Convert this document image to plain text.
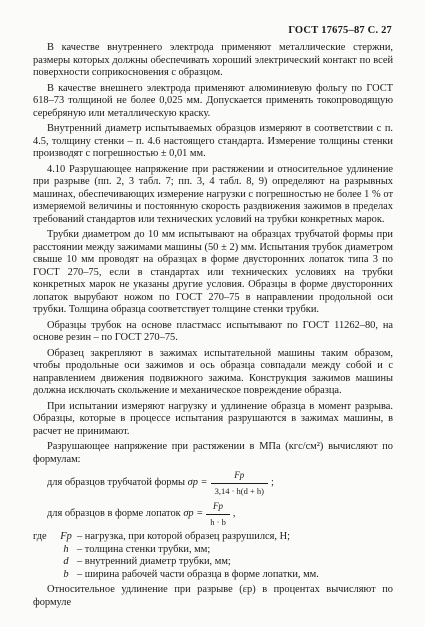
ГОСТ 17675–87 С. 27

В качестве внутреннего электрода применяют металлические стержни, размеры которых должны обеспечивать хороший электрический контакт по всей поверхности соприкосновения с образцом.

В качестве внешнего электрода применяют алюминиевую фольгу по ГОСТ 618–73 толщиной не более 0,025 мм. Допускается применять токопроводящую серебряную или металлическую краску.

Внутренний диаметр испытываемых образцов измеряют в соответствии с п. 4.5, толщину стенки – п. 4.6 настоящего стандарта. Измерение толщины стенки производят с погрешностью ± 0,01 мм.

4.10 Разрушающее напряжение при растяжении и относительное удлинение при разрыве (пп. 2, 3 табл. 7; пп. 3, 4 табл. 8, 9) определяют на разрывных машинах, обеспечивающих измерение нагрузки с погрешностью не более 1 % от измеряемой величины и постоянную скорость раздвижения зажимов в пределах требований стандартов или технических условий на трубки конкретных марок.

Трубки диаметром до 10 мм испытывают на образцах трубчатой формы при расстоянии между зажимами машины (50 ± 2) мм. Испытания трубок диаметром свыше 10 мм проводят на образцах в форме двусторонних лопаток типа 3 по ГОСТ 270–75, если в стандартах или технических условиях на трубки конкретных марок не указаны другие условия. Образцы в форме двусторонних лопаток вырубают ножом по ГОСТ 270–75 в направлении продольной оси трубки. Толщина образца соответствует толщине стенки трубки.

Образцы трубок на основе пластмасс испытывают по ГОСТ 11262–80, на основе резин – по ГОСТ 270–75.

Образец закрепляют в зажимах испытательной машины таким образом, чтобы продольные оси зажимов и ось образца совпадали между собой и с направлением движения подвижного зажима. Конструкция зажимов машины должна исключать скольжение и механическое повреждение образца.

При испытании измеряют нагрузку и удлинение образца в момент разрыва. Образцы, которые в процессе испытания разрушаются в зажимах машины, в расчет не принимают.

Разрушающее напряжение при растяжении в МПа (кгс/см²) вычисляют по формулам:

для образцов трубчатой формы
$\sigma p = \frac{Fp}{3,14 \cdot h(d + h)}$ ;
для образцов в форме лопаток
$\sigma p = \frac{Fp}{h \cdot b}$ ,
где	Fp – нагрузка, при которой образец разрушился, Н;
h – толщина стенки трубки, мм;
d – внутренний диаметр трубки, мм;
b – ширина рабочей части образца в форме лопатки, мм.

Относительное удлинение при разрыве (εp) в процентах вычисляют по формуле
